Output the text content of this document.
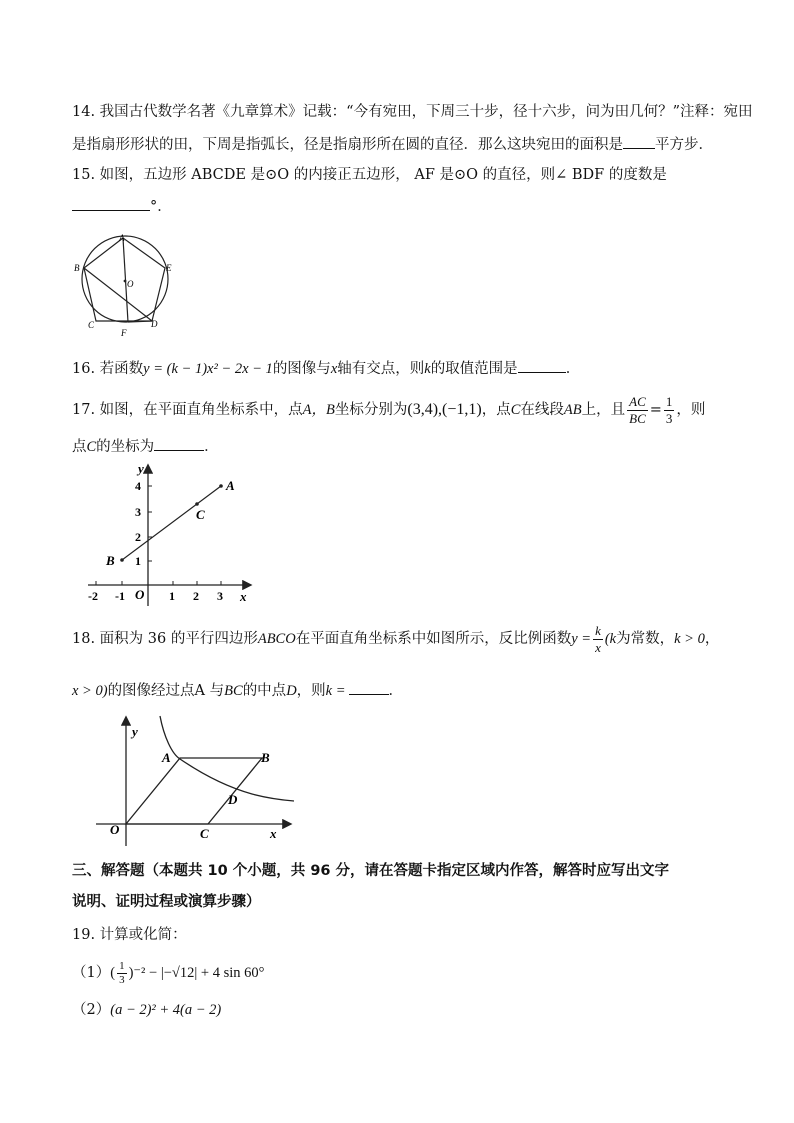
14. 我国古代数学名著《九章算术》记载：“今有宛田，下周三十步，径十六步，问为田几何？”注释：宛田
是指扇形形状的田，下周是指弧长，径是指扇形所在圆的直径．那么这块宛田的面积是 平方步．
15. 如图，五边形 ABCDE 是⊙O 的内接正五边形， AF 是⊙O 的直径，则∠ BDF 的度数是
°．
A
B
C	D
E
F
O
16. 若函数y = (k − 1)x² − 2x − 1的图像与x轴有交点，则k的取值范围是	．
17. 如图，在平面直角坐标系中，点A，B坐标分别为(3,4),(−1,1)，点C在线段AB上，且 $\frac{AC}{BC} = \frac{1}{3}$ ，则
点C的坐标为	．
y
x
O
A
B
C
-2 -1	1 2 3
1
2
3
4
18. 面积为 36 的平行四边形ABCO在平面直角坐标系中如图所示，反比例函数$y = \frac{k}{x} (k$为常数，k > 0，
x > 0)的图像经过点A 与BC的中点D，则k =	．
y
x
A	B
C
D
O
三、解答题（本题共 10 个小题，共 96 分，请在答题卡指定区域内作答，解答时应写出文字
说明、证明过程或演算步骤）
19. 计算或化简：
$(1)( \frac{1}{3} )^{-2} - |-√12| + 4$ sin 60°
（2）(a − 2)² + 4(a − 2)
